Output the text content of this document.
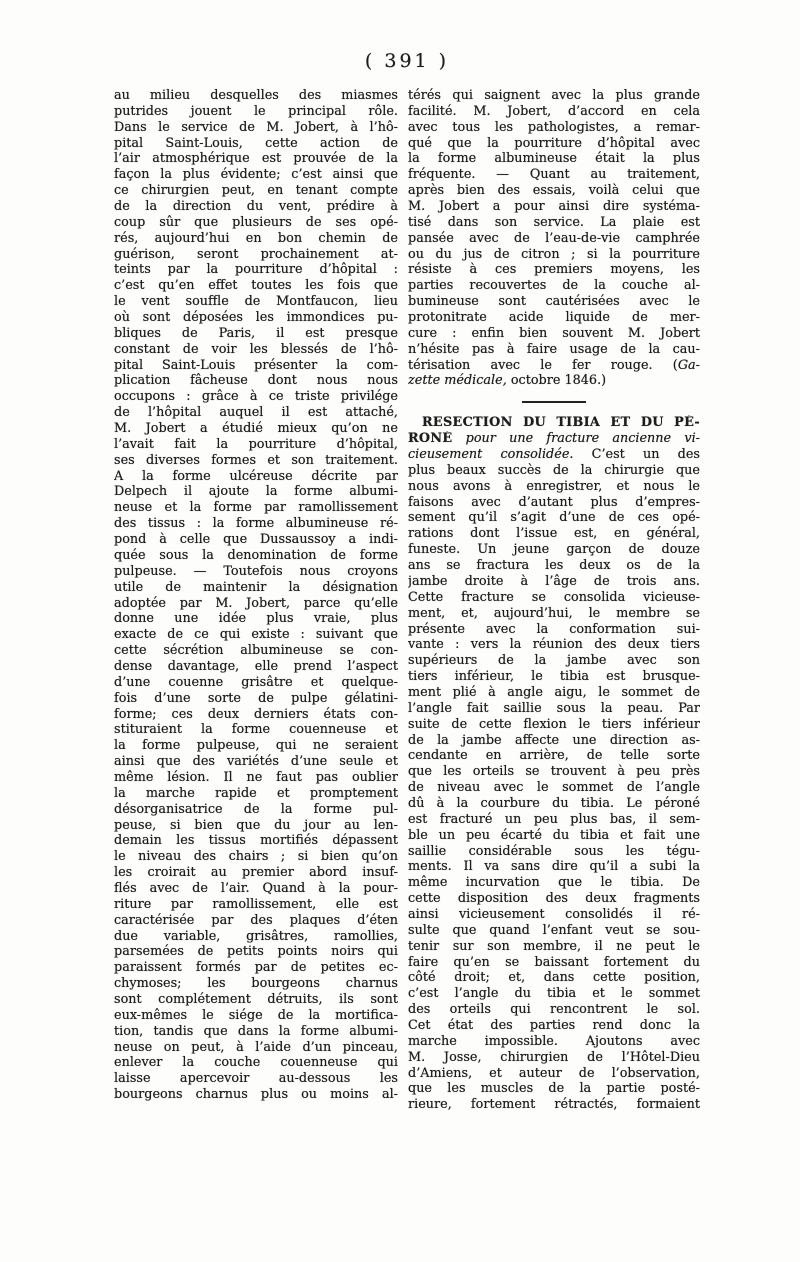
( 391 )
au milieu desquelles des miasmes
putrides jouent le principal rôle.
Dans le service de M. Jobert, à l’hô-
pital Saint-Louis, cette action de
l’air atmosphérique est prouvée de la
façon la plus évidente; c’est ainsi que
ce chirurgien peut, en tenant compte
de la direction du vent, prédire à
coup sûr que plusieurs de ses opé-
rés, aujourd’hui en bon chemin de
guérison, seront prochainement at-
teints par la pourriture d’hôpital :
c’est qu’en effet toutes les fois que
le vent souffle de Montfaucon, lieu
où sont déposées les immondices pu-
bliques de Paris, il est presque
constant de voir les blessés de l’hô-
pital Saint-Louis présenter la com-
plication fâcheuse dont nous nous
occupons : grâce à ce triste privilége
de l’hôpital auquel il est attaché,
M. Jobert a étudié mieux qu’on ne
l’avait fait la pourriture d’hôpital,
ses diverses formes et son traitement.
A la forme ulcéreuse décrite par
Delpech il ajoute la forme albumi-
neuse et la forme par ramollissement
des tissus : la forme albumineuse ré-
pond à celle que Dussaussoy a indi-
quée sous la denomination de forme
pulpeuse. — Toutefois nous croyons
utile de maintenir la désignation
adoptée par M. Jobert, parce qu’elle
donne une idée plus vraie, plus
exacte de ce qui existe : suivant que
cette sécrétion albumineuse se con-
dense davantage, elle prend l’aspect
d’une couenne grisâtre et quelque-
fois d’une sorte de pulpe gélatini-
forme; ces deux derniers états con-
stituraient la forme couenneuse et
la forme pulpeuse, qui ne seraient
ainsi que des variétés d’une seule et
même lésion. Il ne faut pas oublier
la marche rapide et promptement
désorganisatrice de la forme pul-
peuse, si bien que du jour au len-
demain les tissus mortifiés dépassent
le niveau des chairs ; si bien qu’on
les croirait au premier abord insuf-
flés avec de l’air. Quand à la pour-
riture par ramollissement, elle est
caractérisée par des plaques d’éten
due variable, grisâtres, ramollies,
parsemées de petits points noirs qui
paraissent formés par de petites ec-
chymoses; les bourgeons charnus
sont complétement détruits, ils sont
eux-mêmes le siége de la mortifica-
tion, tandis que dans la forme albumi-
neuse on peut, à l’aide d’un pinceau,
enlever la couche couenneuse qui
laisse apercevoir au-dessous les
bourgeons charnus plus ou moins al-
térés qui saignent avec la plus grande
facilité. M. Jobert, d’accord en cela
avec tous les pathologistes, a remar-
qué que la pourriture d’hôpital avec
la forme albumineuse était la plus
fréquente. — Quant au traitement,
après bien des essais, voilà celui que
M. Jobert a pour ainsi dire systéma-
tisé dans son service. La plaie est
pansée avec de l’eau-de-vie camphrée
ou du jus de citron ; si la pourriture
résiste à ces premiers moyens, les
parties recouvertes de la couche al-
bumineuse sont cautérisées avec le
protonitrate acide liquide de mer-
cure : enfin bien souvent M. Jobert
n’hésite pas à faire usage de la cau-
térisation avec le fer rouge. (Ga-
zette médicale, octobre 1846.)
RESECTION DU TIBIA ET DU PÉ-
RONÉ pour une fracture ancienne vi-
cieusement consolidée. C’est un des
plus beaux succès de la chirurgie que
nous avons à enregistrer, et nous le
faisons avec d’autant plus d’empres-
sement qu’il s’agit d’une de ces opé-
rations dont l’issue est, en général,
funeste. Un jeune garçon de douze
ans se fractura les deux os de la
jambe droite à l’âge de trois ans.
Cette fracture se consolida vicieuse-
ment, et, aujourd’hui, le membre se
présente avec la conformation sui-
vante : vers la réunion des deux tiers
supérieurs de la jambe avec son
tiers inférieur, le tibia est brusque-
ment plié à angle aigu, le sommet de
l’angle fait saillie sous la peau. Par
suite de cette flexion le tiers inférieur
de la jambe affecte une direction as-
cendante en arrière, de telle sorte
que les orteils se trouvent à peu près
de niveau avec le sommet de l’angle
dû à la courbure du tibia. Le péroné
est fracturé un peu plus bas, il sem-
ble un peu écarté du tibia et fait une
saillie considérable sous les tégu-
ments. Il va sans dire qu’il a subi la
même incurvation que le tibia. De
cette disposition des deux fragments
ainsi vicieusement consolidés il ré-
sulte que quand l’enfant veut se sou-
tenir sur son membre, il ne peut le
faire qu’en se baissant fortement du
côté droit; et, dans cette position,
c’est l’angle du tibia et le sommet
des orteils qui rencontrent le sol.
Cet état des parties rend donc la
marche impossible. Ajoutons avec
M. Josse, chirurgien de l’Hôtel-Dieu
d’Amiens, et auteur de l’observation,
que les muscles de la partie posté-
rieure, fortement rétractés, formaient
